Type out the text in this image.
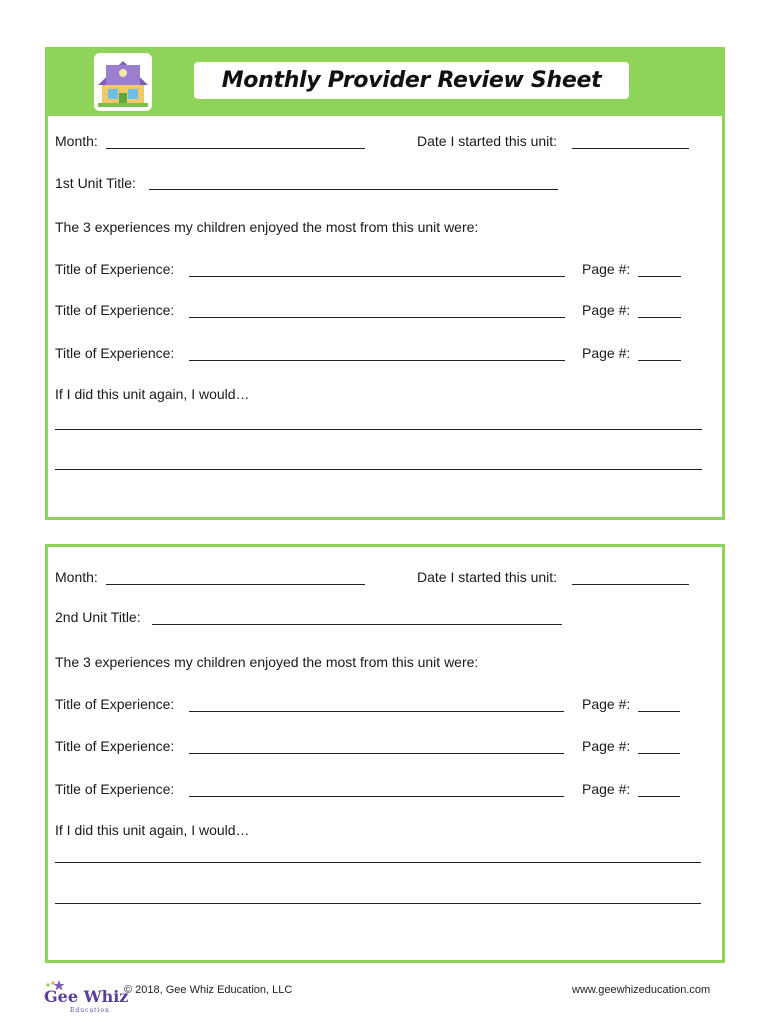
Monthly Provider Review Sheet
Month:	Date I started this unit:
1st Unit Title:
The 3 experiences my children enjoyed the most from this unit were:
Title of Experience:	Page #:
Title of Experience:	Page #:
Title of Experience:	Page #:
If I did this unit again, I would…
Month:	Date I started this unit:
2nd Unit Title:
The 3 experiences my children enjoyed the most from this unit were:
Title of Experience:	Page #:
Title of Experience:	Page #:
Title of Experience:	Page #:
If I did this unit again, I would…
Gee Whiz
Education
© 2018, Gee Whiz Education, LLC	www.geewhizeducation.com
